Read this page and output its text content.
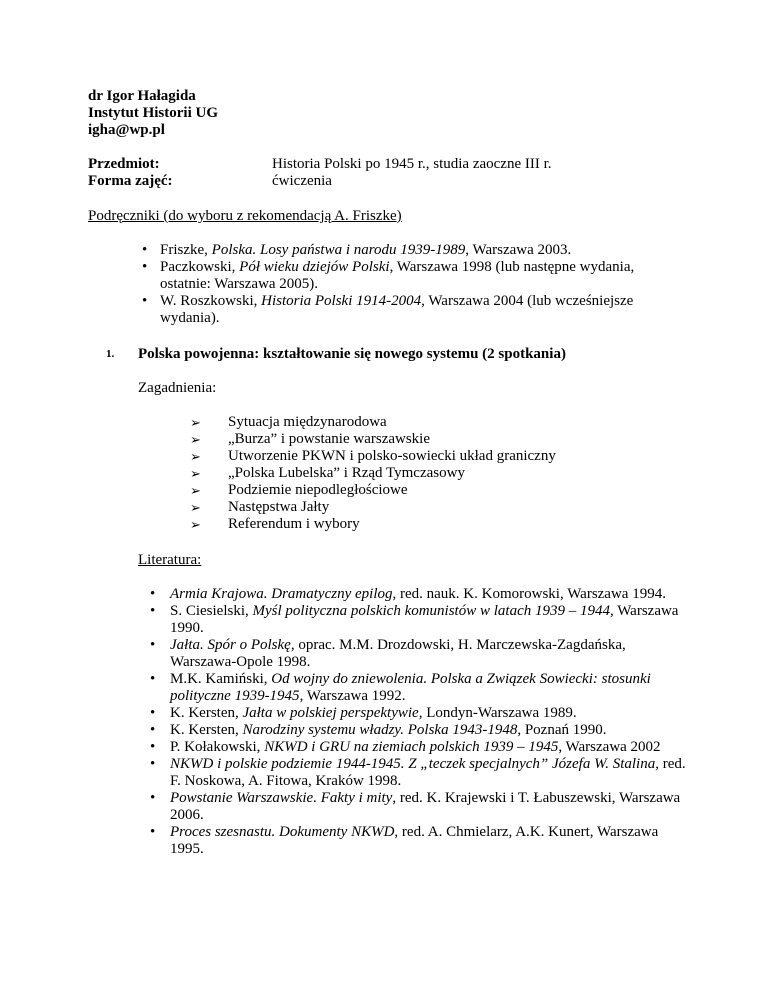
dr Igor Hałagida
Instytut Historii UG
igha@wp.pl
Przedmiot:	Historia Polski po 1945 r., studia zaoczne III r.
Forma zajęć:	ćwiczenia
Podręczniki (do wyboru z rekomendacją A. Friszke)
• Friszke, Polska. Losy państwa i narodu 1939-1989, Warszawa 2003.
• Paczkowski, Pół wieku dziejów Polski, Warszawa 1998 (lub następne wydania, ostatnie: Warszawa 2005).
• W. Roszkowski, Historia Polski 1914-2004, Warszawa 2004 (lub wcześniejsze wydania).
1.	Polska powojenna: kształtowanie się nowego systemu (2 spotkania)
Zagadnienia:
➢ Sytuacja międzynarodowa
➢ „Burza” i powstanie warszawskie
➢ Utworzenie PKWN i polsko-sowiecki układ graniczny
➢ „Polska Lubelska” i Rząd Tymczasowy
➢ Podziemie niepodległościowe
➢ Następstwa Jałty
➢ Referendum i wybory
Literatura:
• Armia Krajowa. Dramatyczny epilog, red. nauk. K. Komorowski, Warszawa 1994.
• S. Ciesielski, Myśl polityczna polskich komunistów w latach 1939 – 1944, Warszawa 1990.
• Jałta. Spór o Polskę, oprac. M.M. Drozdowski, H. Marczewska-Zagdańska, Warszawa-Opole 1998.
• M.K. Kamiński, Od wojny do zniewolenia. Polska a Związek Sowiecki: stosunki polityczne 1939-1945, Warszawa 1992.
• K. Kersten, Jałta w polskiej perspektywie, Londyn-Warszawa 1989.
• K. Kersten, Narodziny systemu władzy. Polska 1943-1948, Poznań 1990.
• P. Kołakowski, NKWD i GRU na ziemiach polskich 1939 – 1945, Warszawa 2002
• NKWD i polskie podziemie 1944-1945. Z „teczek specjalnych” Józefa W. Stalina, red. F. Noskowa, A. Fitowa, Kraków 1998.
• Powstanie Warszawskie. Fakty i mity, red. K. Krajewski i T. Łabuszewski, Warszawa 2006.
• Proces szesnastu. Dokumenty NKWD, red. A. Chmielarz, A.K. Kunert, Warszawa 1995.
